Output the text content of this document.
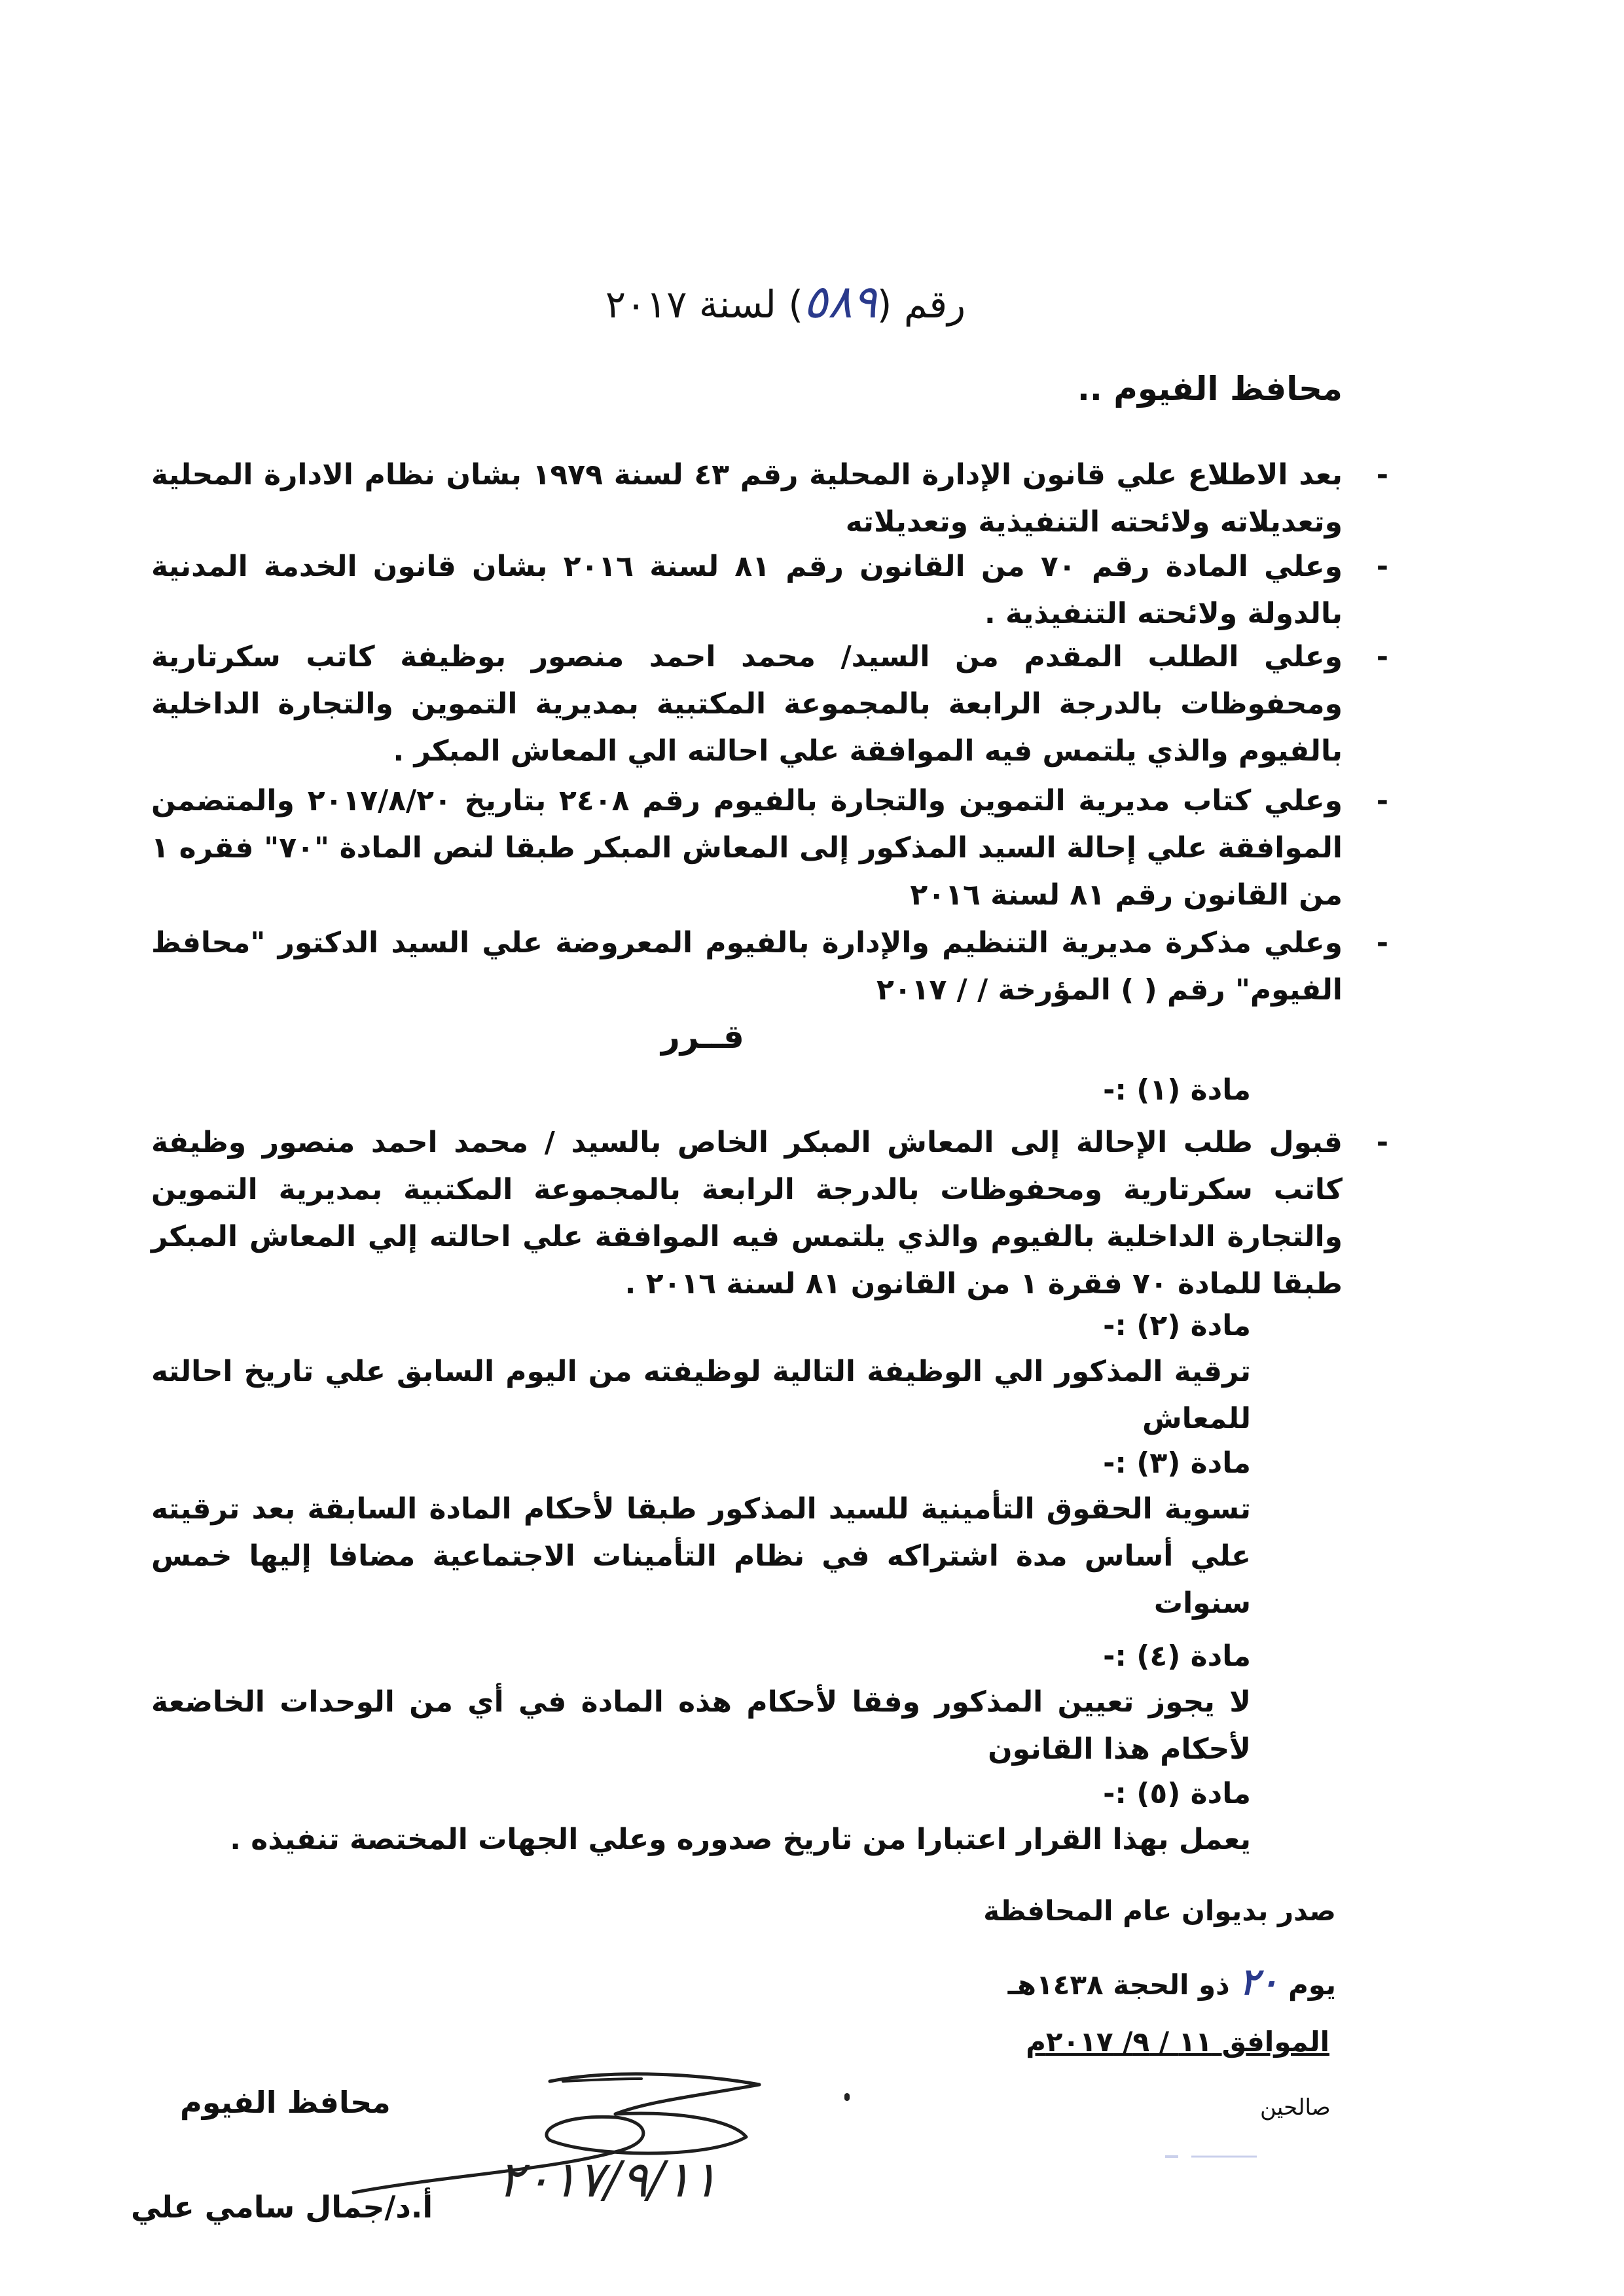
رقم (٥٨٩) لسنة ٢٠١٧
محافظ الفيوم ..
-
بعد الاطلاع علي قانون الإدارة المحلية رقم ٤٣ لسنة ١٩٧٩ بشان نظام الادارة المحلية وتعديلاته ولائحته التنفيذية وتعديلاته
-
وعلي المادة رقم ٧٠ من القانون رقم ٨١ لسنة ٢٠١٦ بشان قانون الخدمة المدنية بالدولة ولائحته التنفيذية .
-
وعلي الطلب المقدم من السيد/ محمد احمد منصور بوظيفة كاتب سكرتارية ومحفوظات بالدرجة الرابعة بالمجموعة المكتبية بمديرية التموين والتجارة الداخلية بالفيوم والذي يلتمس فيه الموافقة علي احالته الي المعاش المبكر .
-
وعلي كتاب مديرية التموين والتجارة بالفيوم رقم ٢٤٠٨ بتاريخ ٢٠١٧/٨/٢٠ والمتضمن الموافقة علي إحالة السيد المذكور إلى المعاش المبكر طبقا لنص المادة "٧٠" فقره ١ من القانون رقم ٨١ لسنة ٢٠١٦
-
وعلي مذكرة مديرية التنظيم والإدارة بالفيوم المعروضة علي السيد الدكتور "محافظ الفيوم" رقم ( ) المؤرخة / / ٢٠١٧
قــرر
مادة (١) :-
-
قبول طلب الإحالة إلى المعاش المبكر الخاص بالسيد / محمد احمد منصور وظيفة كاتب سكرتارية ومحفوظات بالدرجة الرابعة بالمجموعة المكتبية بمديرية التموين والتجارة الداخلية بالفيوم والذي يلتمس فيه الموافقة علي احالته إلي المعاش المبكر طبقا للمادة ٧٠ فقرة ١ من القانون ٨١ لسنة ٢٠١٦ .
مادة (٢) :-
ترقية المذكور الي الوظيفة التالية لوظيفته من اليوم السابق علي تاريخ احالته للمعاش
مادة (٣) :-
تسوية الحقوق التأمينية للسيد المذكور طبقا لأحكام المادة السابقة بعد ترقيته علي أساس مدة اشتراكه في نظام التأمينات الاجتماعية مضافا إليها خمس سنوات
مادة (٤) :-
لا يجوز تعيين المذكور وفقا لأحكام هذه المادة في أي من الوحدات الخاضعة لأحكام هذا القانون
مادة (٥) :-
يعمل بهذا القرار اعتبارا من تاريخ صدوره وعلي الجهات المختصة تنفيذه .
صدر بديوان عام المحافظة
يوم ٢٠ ذو الحجة ١٤٣٨هـ
الموافق ١١ / ٩/ ٢٠١٧م
صالحين
محافظ الفيوم
أ.د/جمال سامي علي ٢٠١٧/٩/١١
